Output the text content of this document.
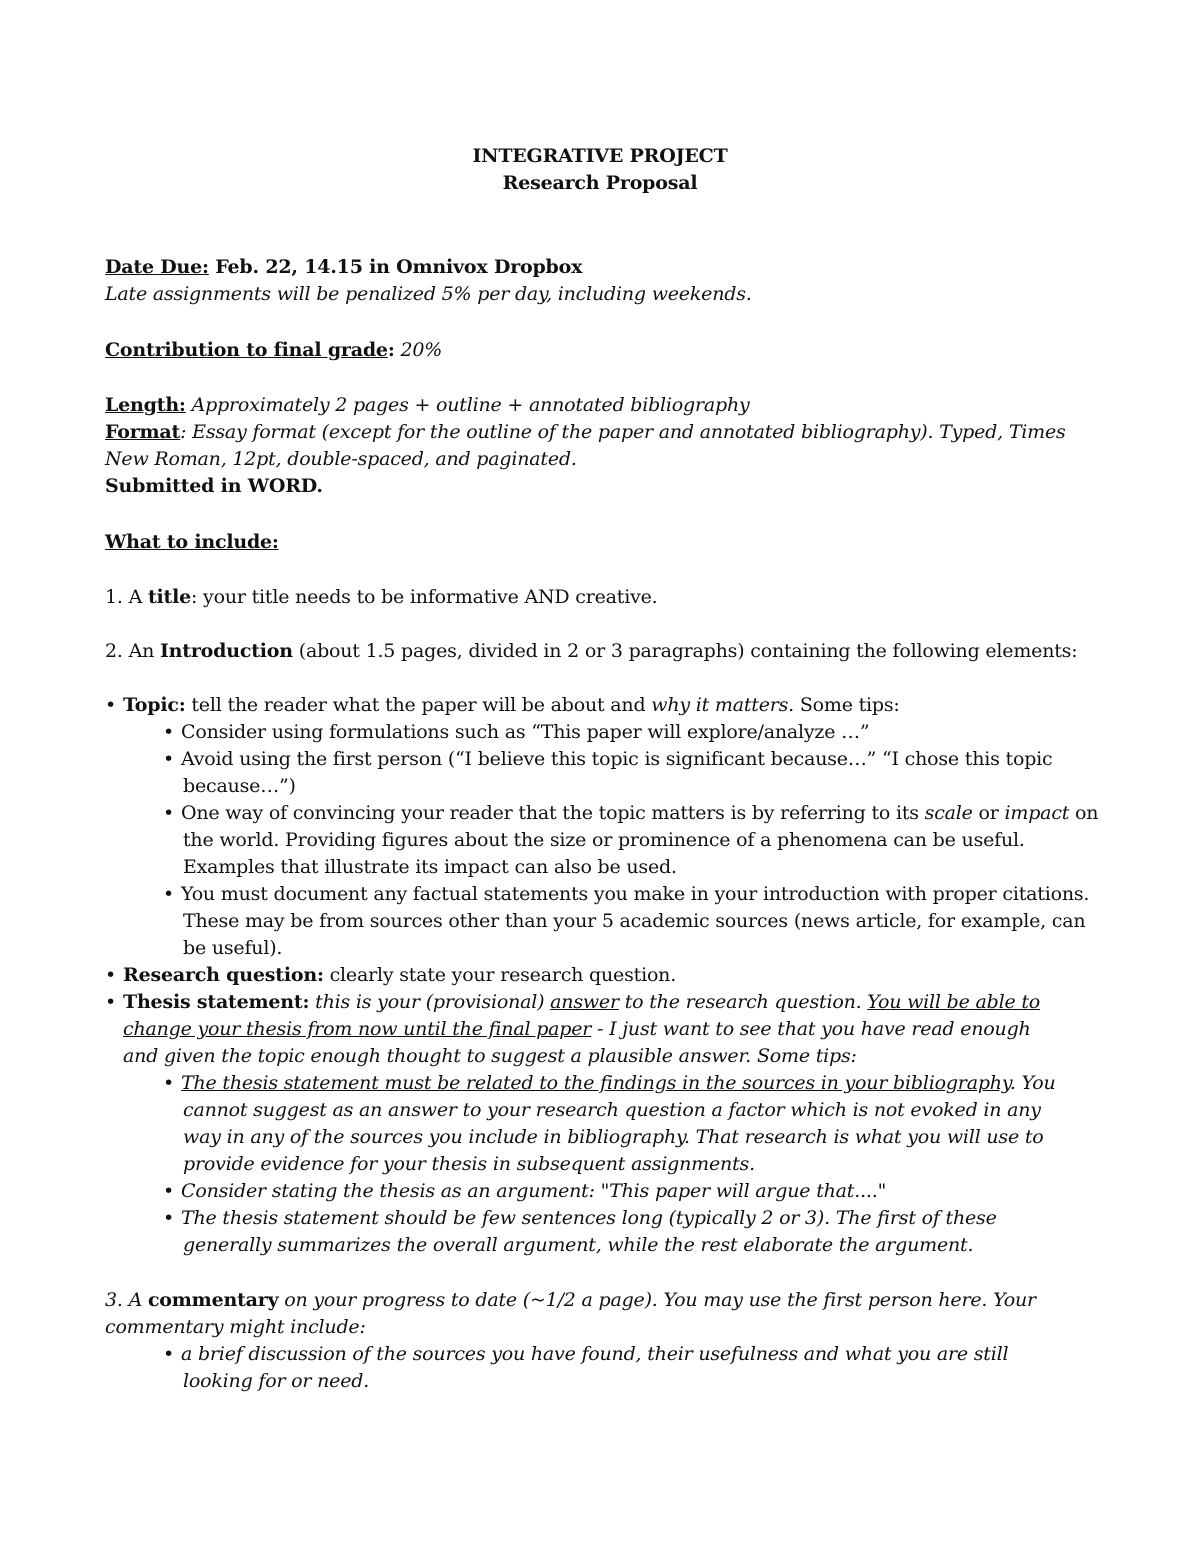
INTEGRATIVE PROJECT
Research Proposal
Date Due: Feb. 22, 14.15 in Omnivox Dropbox
Late assignments will be penalized 5% per day, including weekends.
Contribution to final grade: 20%
Length: Approximately 2 pages + outline + annotated bibliography
Format: Essay format (except for the outline of the paper and annotated bibliography). Typed, Times
New Roman, 12pt, double-spaced, and paginated.
Submitted in WORD.
What to include:
1. A title: your title needs to be informative AND creative.
2. An Introduction (about 1.5 pages, divided in 2 or 3 paragraphs) containing the following elements:
• Topic: tell the reader what the paper will be about and why it matters. Some tips:
• Consider using formulations such as “This paper will explore/analyze …”
• Avoid using the first person (“I believe this topic is significant because…” “I chose this topic
because…”)
• One way of convincing your reader that the topic matters is by referring to its scale or impact on
the world. Providing figures about the size or prominence of a phenomena can be useful.
Examples that illustrate its impact can also be used.
• You must document any factual statements you make in your introduction with proper citations.
These may be from sources other than your 5 academic sources (news article, for example, can
be useful).
• Research question: clearly state your research question.
• Thesis statement: this is your (provisional) answer to the research question. You will be able to
change your thesis from now until the final paper - I just want to see that you have read enough
and given the topic enough thought to suggest a plausible answer. Some tips:
• The thesis statement must be related to the findings in the sources in your bibliography. You
cannot suggest as an answer to your research question a factor which is not evoked in any
way in any of the sources you include in bibliography. That research is what you will use to
provide evidence for your thesis in subsequent assignments.
• Consider stating the thesis as an argument: "This paper will argue that...."
• The thesis statement should be few sentences long (typically 2 or 3). The first of these
generally summarizes the overall argument, while the rest elaborate the argument.
3. A commentary on your progress to date (~1/2 a page). You may use the first person here. Your
commentary might include:
• a brief discussion of the sources you have found, their usefulness and what you are still
looking for or need.
